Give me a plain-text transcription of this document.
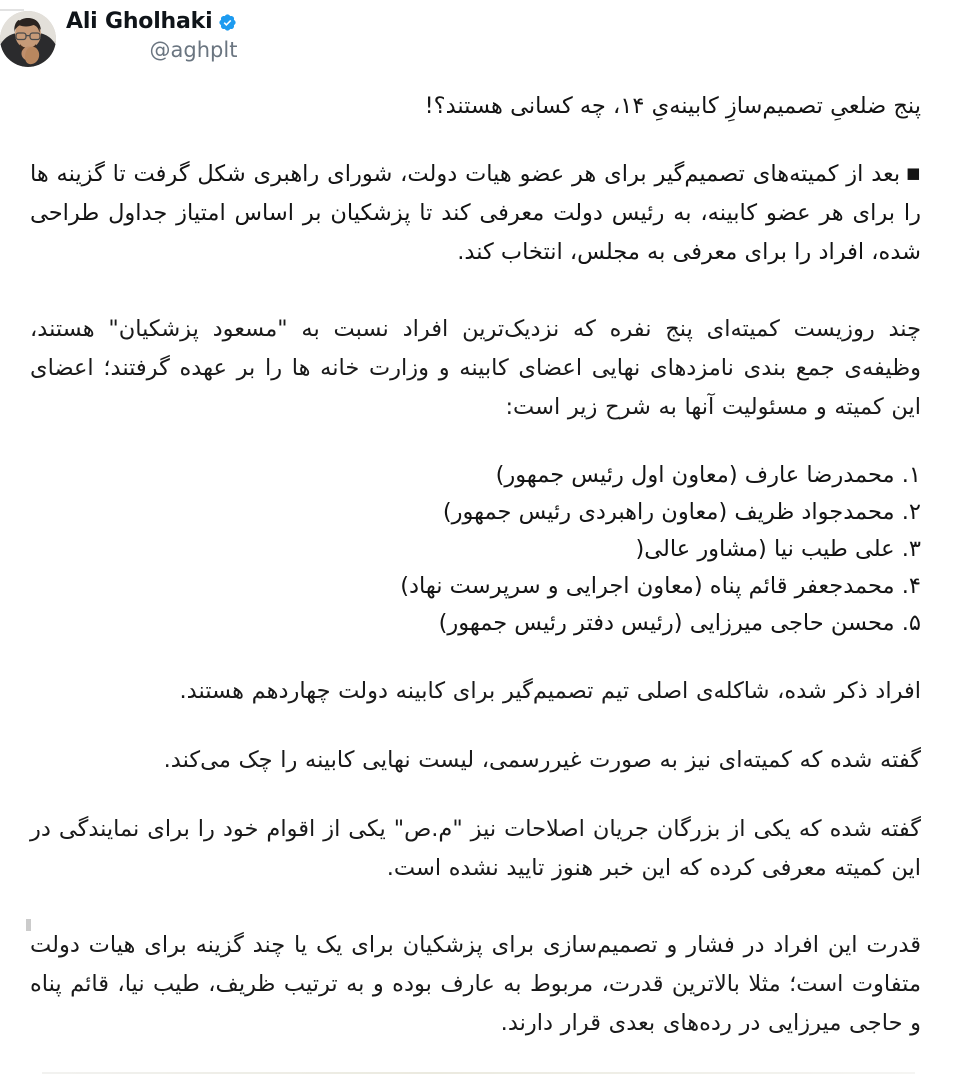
Ali Gholhaki
@aghplt

پنج ضلعیِ تصمیم‌سازِ کابینه‌یِ ۱۴، چه کسانی هستند؟!

■بعد از کمیته‌های تصمیم‌گیر برای هر عضو هیات دولت، شورای راهبری شکل گرفت تا گزینه ها را برای هر عضو کابینه، به رئیس دولت معرفی کند تا پزشکیان بر اساس امتیاز جداول طراحی شده، افراد را برای معرفی به مجلس، انتخاب کند.

چند روزیست کمیته‌ای پنج نفره که نزدیک‌ترین افراد نسبت به "مسعود پزشکیان" هستند، وظیفه‌ی جمع بندی نامزدهای نهایی اعضای کابینه و وزارت خانه ها را بر عهده گرفتند؛ اعضای این کمیته و مسئولیت آنها به شرح زیر است:

۱. محمدرضا عارف (معاون اول رئیس جمهور)
۲. محمدجواد ظریف (معاون راهبردی رئیس جمهور)
۳. علی طیب نیا (مشاور عالی(
۴. محمدجعفر قائم پناه (معاون اجرایی و سرپرست نهاد)
۵. محسن حاجی میرزایی (رئیس دفتر رئیس جمهور)

افراد ذکر شده، شاکله‌ی اصلی تیم تصمیم‌گیر برای کابینه دولت چهاردهم هستند.

گفته شده که کمیته‌ای نیز به صورت غیررسمی، لیست نهایی کابینه را چک می‌کند.

گفته شده که یکی از بزرگان جریان اصلاحات نیز "م.ص" یکی از اقوام خود را برای نمایندگی در این کمیته معرفی کرده که این خبر هنوز تایید نشده است.

قدرت این افراد در فشار و تصمیم‌سازی برای پزشکیان برای یک یا چند گزینه برای هیات دولت متفاوت است؛ مثلا بالاترین قدرت، مربوط به عارف بوده و به ترتیب ظریف، طیب نیا، قائم پناه و حاجی میرزایی در رده‌های بعدی قرار دارند.
